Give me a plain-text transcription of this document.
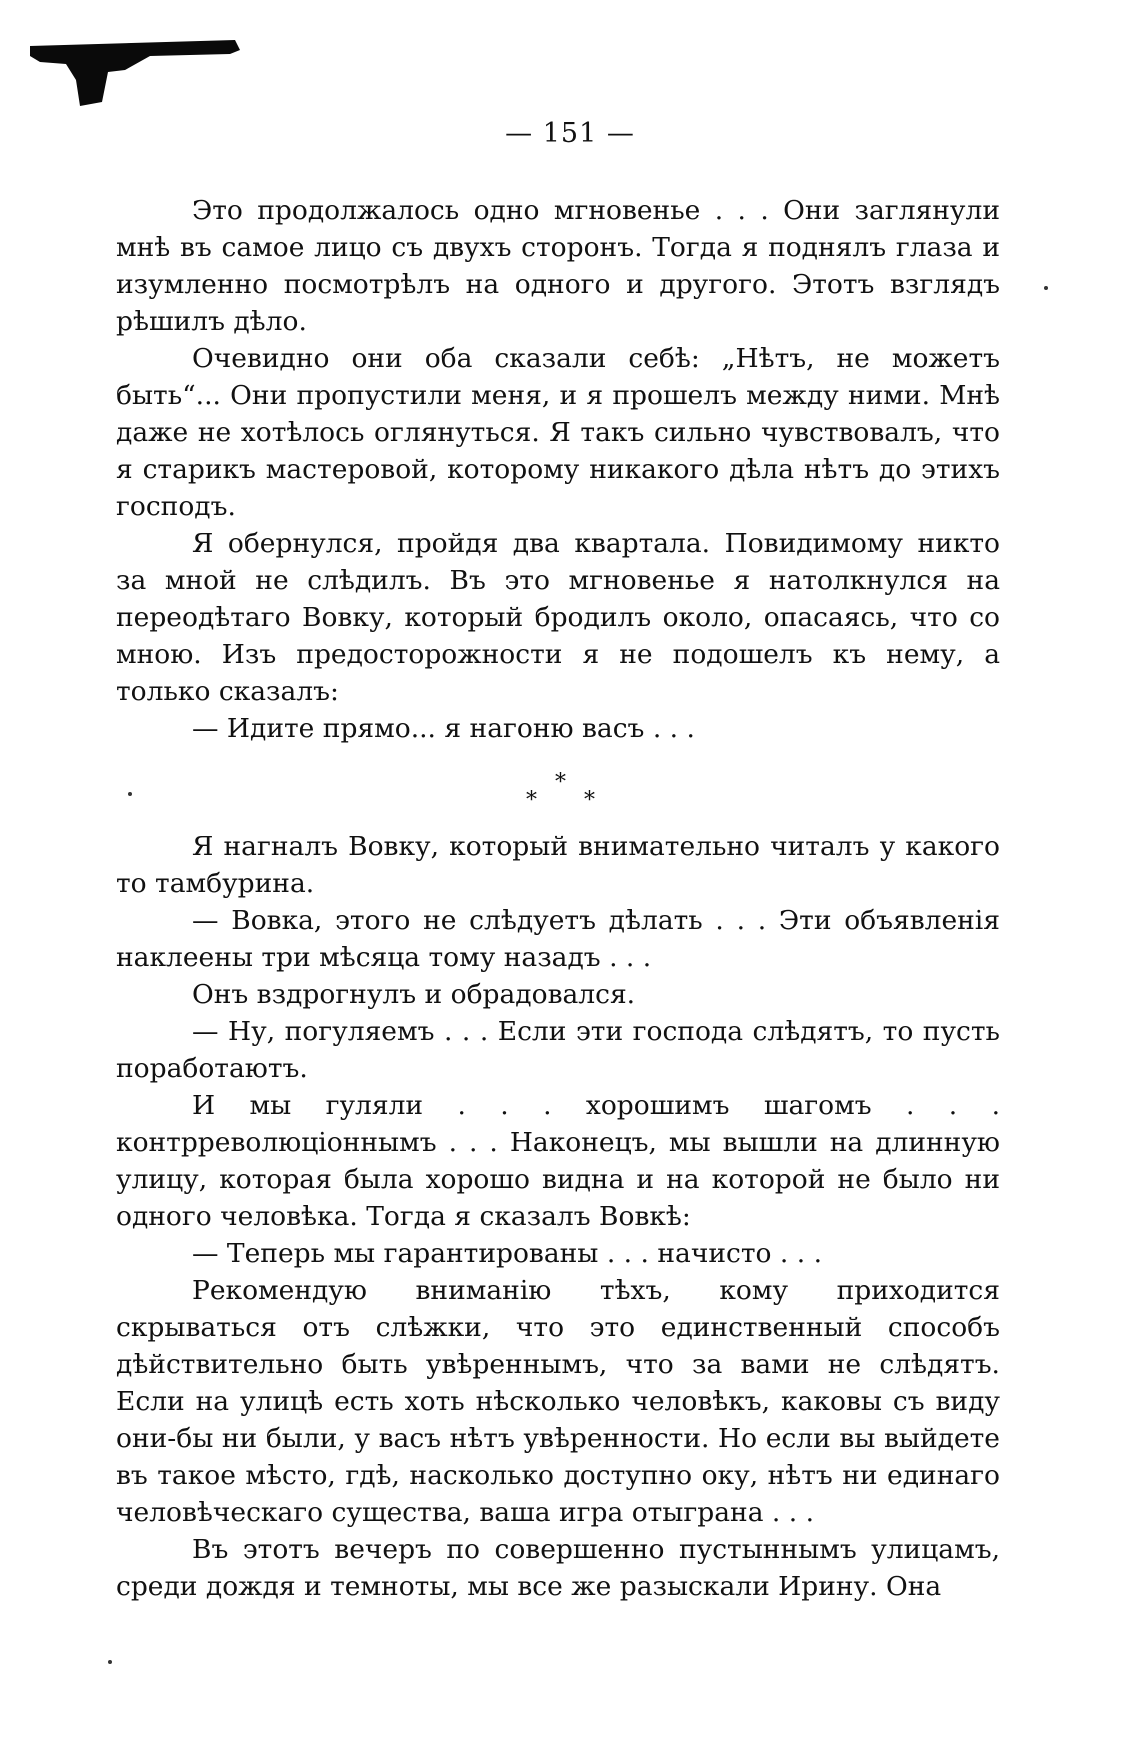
— 151 —

Это продолжалось одно мгновенье . . . Они заглянули мнѣ въ самое лицо съ двухъ сторонъ. Тогда я поднялъ глаза и изумленно посмотрѣлъ на одного и другого. Этотъ взглядъ рѣшилъ дѣло.

Очевидно они оба сказали себѣ: „Нѣтъ, не можетъ быть“... Они пропустили меня, и я прошелъ между ними. Мнѣ даже не хотѣлось оглянуться. Я такъ сильно чувствовалъ, что я старикъ мастеровой, которому никакого дѣла нѣтъ до этихъ господъ.

Я обернулся, пройдя два квартала. Повидимому никто за мной не слѣдилъ. Въ это мгновенье я натолкнулся на переодѣтаго Вовку, который бродилъ около, опасаясь, что со мною. Изъ предосторожности я не подошелъ къ нему, а только сказалъ:

— Идите прямо... я нагоню васъ . . .

*
* *

Я нагналъ Вовку, который внимательно читалъ у какого то тамбурина.

— Вовка, этого не слѣдуетъ дѣлать . . . Эти объявленія наклеены три мѣсяца тому назадъ . . .

Онъ вздрогнулъ и обрадовался.

— Ну, погуляемъ . . . Если эти господа слѣдятъ, то пусть поработаютъ.

И мы гуляли . . . хорошимъ шагомъ . . . контрреволюціоннымъ . . . Наконецъ, мы вышли на длинную улицу, которая была хорошо видна и на которой не было ни одного человѣка. Тогда я сказалъ Вовкѣ:

— Теперь мы гарантированы . . . начисто . . .

Рекомендую вниманію тѣхъ, кому приходится скрываться отъ слѣжки, что это единственный способъ дѣйствительно быть увѣреннымъ, что за вами не слѣдятъ. Если на улицѣ есть хоть нѣсколько человѣкъ, каковы съ виду они-бы ни были, у васъ нѣтъ увѣренности. Но если вы выйдете въ такое мѣсто, гдѣ, насколько доступно оку, нѣтъ ни единаго человѣческаго существа, ваша игра отыграна . . .

Въ этотъ вечеръ по совершенно пустыннымъ улицамъ, среди дождя и темноты, мы все же разыскали Ирину. Она
